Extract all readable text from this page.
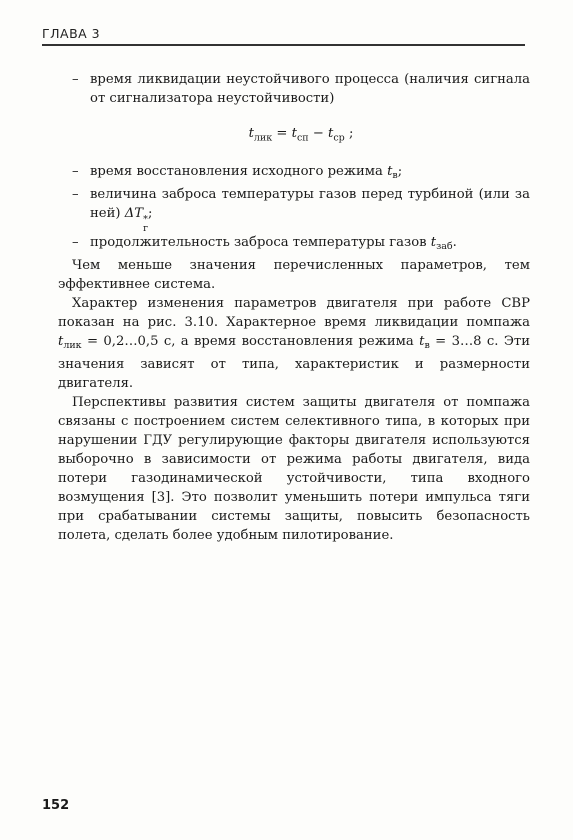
ГЛАВА 3

– время ликвидации неустойчивого процесса (наличия сигнала от сигнализатора неустойчивости)

$t_{лик} = t_{сп} - t_{ср}$ ;

– время восстановления исходного режима $t_в$;

– величина заброса температуры газов перед турбиной (или за ней) ΔT *
г
;

– продолжительность заброса температуры газов $t_{заб}$.

Чем меньше значения перечисленных параметров, тем эффективнее система.

Характер изменения параметров двигателя при работе СВР показан на рис. 3.10. Характерное время ликвидации помпажа $t_{лик}$ = 0,2…0,5 с, а время восстановления режима $t_в$ = 3…8 с. Эти значения зависят от типа, характеристик и размерности двигателя.

Перспективы развития систем защиты двигателя от помпажа связаны с построением систем селективного типа, в которых при нарушении ГДУ регулирующие факторы двигателя используются выборочно в зависимости от режима работы двигателя, вида потери газодинамической устойчивости, типа входного возмущения [3]. Это позволит уменьшить потери импульса тяги при срабатывании системы защиты, повысить безопасность полета, сделать более удобным пилотирование.

152
